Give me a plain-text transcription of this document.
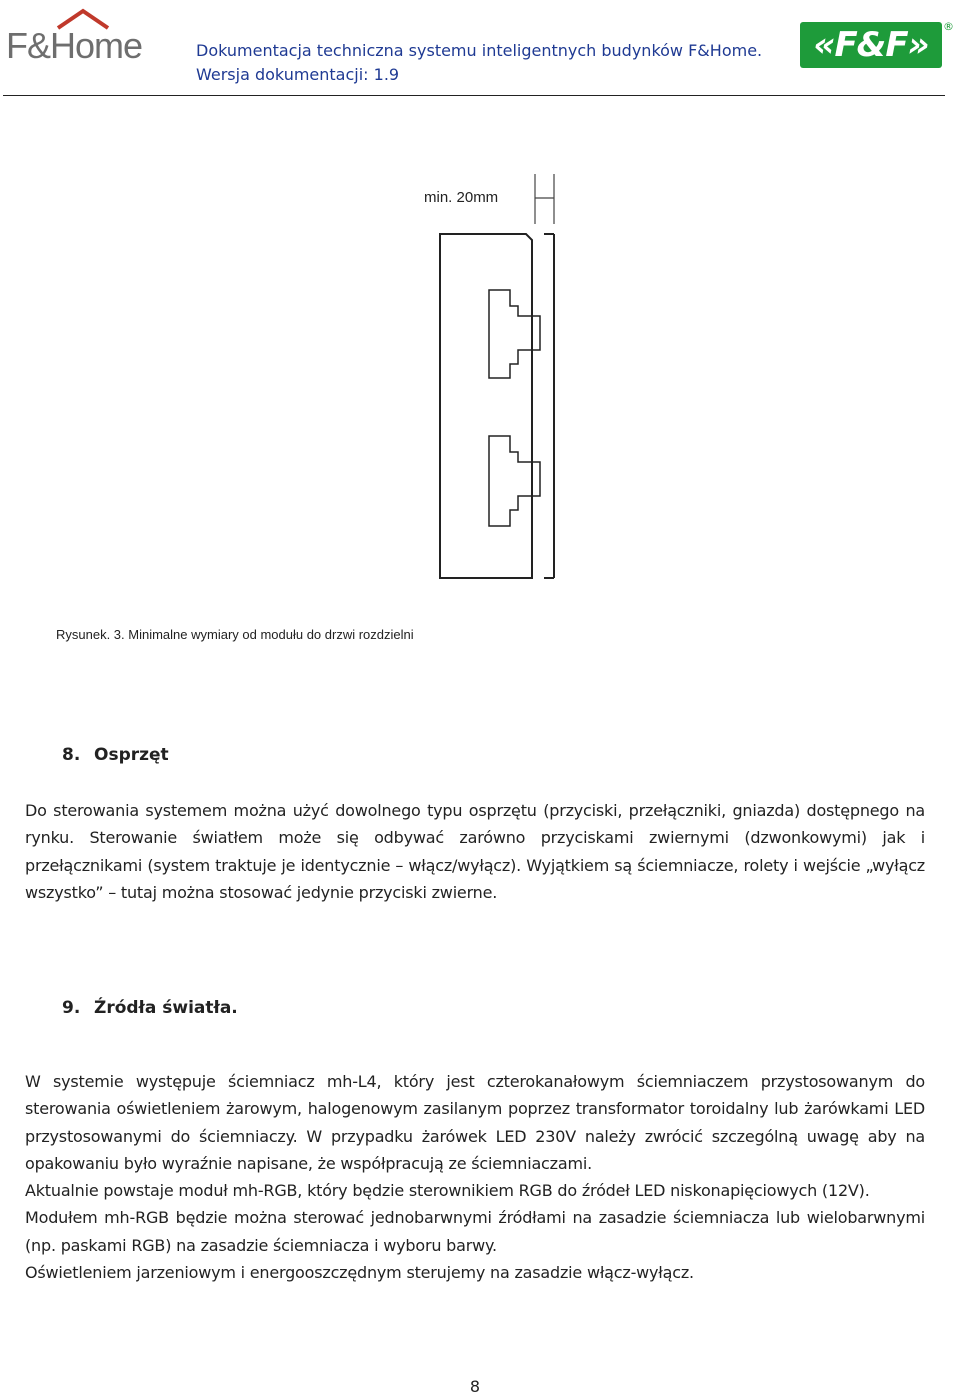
F&Home	Dokumentacja techniczna systemu inteligentnych budynków F&Home.
Wersja dokumentacji: 1.9
«F&F»	®
min. 20mm
Rysunek. 3. Minimalne wymiary od modułu do drzwi rozdzielni
8. Osprzęt

Do sterowania systemem można użyć dowolnego typu osprzętu (przyciski, przełączniki, gniazda) dostępnego na rynku. Sterowanie światłem może się odbywać zarówno przyciskami zwiernymi (dzwonkowymi) jak i przełącznikami (system traktuje je identycznie – włącz/wyłącz). Wyjątkiem są ściemniacze, rolety i wejście „wyłącz wszystko” – tutaj można stosować jedynie przyciski zwierne.

9. Źródła światła.

W systemie występuje ściemniacz mh-L4, który jest czterokanałowym ściemniaczem przystosowanym do sterowania oświetleniem żarowym, halogenowym zasilanym poprzez transformator toroidalny lub żarówkami LED przystosowanymi do ściemniaczy. W przypadku żarówek LED 230V należy zwrócić szczególną uwagę aby na opakowaniu było wyraźnie napisane, że współpracują ze ściemniaczami.

Aktualnie powstaje moduł mh-RGB, który będzie sterownikiem RGB do źródeł LED niskonapięciowych (12V).

Modułem mh-RGB będzie można sterować jednobarwnymi źródłami na zasadzie ściemniacza lub wielobarwnymi (np. paskami RGB) na zasadzie ściemniacza i wyboru barwy.

Oświetleniem jarzeniowym i energooszczędnym sterujemy na zasadzie włącz-wyłącz.

8
